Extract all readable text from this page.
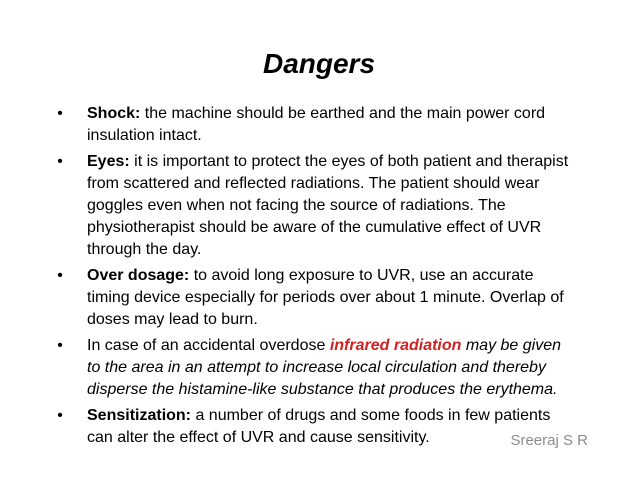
Dangers
• Shock: the machine should be earthed and the main power cord insulation intact.
• Eyes: it is important to protect the eyes of both patient and therapist from scattered and reflected radiations. The patient should wear goggles even when not facing the source of radiations. The physiotherapist should be aware of the cumulative effect of UVR through the day.
• Over dosage: to avoid long exposure to UVR, use an accurate timing device especially for periods over about 1 minute. Overlap of doses may lead to burn.
• In case of an accidental overdose infrared radiation may be given to the area in an attempt to increase local circulation and thereby disperse the histamine-like substance that produces the erythema.
• Sensitization: a number of drugs and some foods in few patients can alter the effect of UVR and cause sensitivity.	Sreeraj S R
